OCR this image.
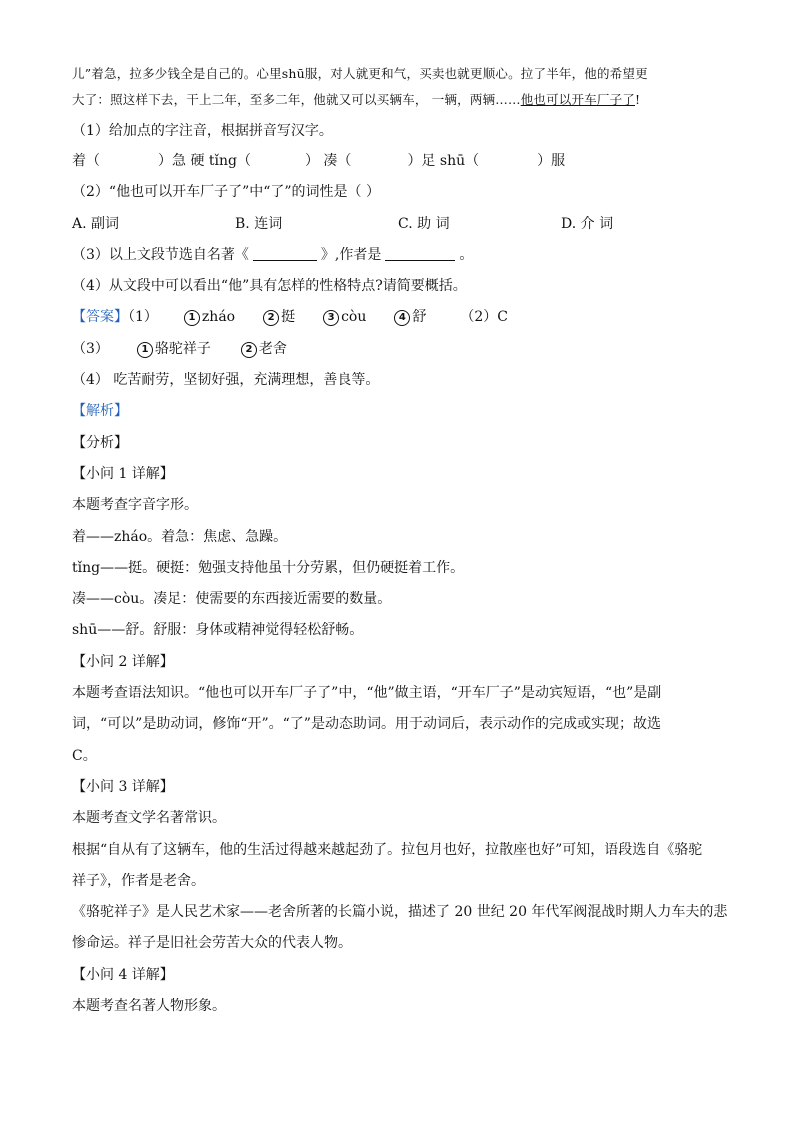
儿”着急，拉多少钱全是自己的。心里shū服，对人就更和气，买卖也就更顺心。拉了半年，他的希望更
大了：照这样下去，干上二年，至多二年，他就又可以买辆车， 一辆，两辆……他也可以开车厂子了!
（1）给加点的字注音，根据拼音写汉字。
着（	）急 硬 tǐng（	） 凑（	）足 shū（	）服
（2）“他也可以开车厂子了”中“了”的词性是（ ）
A. 副词	B. 连词	C. 助 词	D. 介 词
（3）以上文段节选自名著《	》,作者是	。
（4）从文段中可以看出“他”具有怎样的性格特点?请简要概括。
【答案】（1）	1 zháo	2 挺	3 còu	4 舒 （2）C
（3）	1 骆驼祥子	2 老舍
（4） 吃苦耐劳，坚韧好强，充满理想，善良等。
【解析】
【分析】
【小问 1 详解】
本题考查字音字形。
着——zháo。着急：焦虑、急躁。
tǐng——挺。硬挺：勉强支持他虽十分劳累，但仍硬挺着工作。
凑——còu。凑足：使需要的东西接近需要的数量。
shū——舒。舒服：身体或精神觉得轻松舒畅。
【小问 2 详解】
本题考查语法知识。“他也可以开车厂子了”中，“他”做主语，“开车厂子”是动宾短语，“也”是副
词，“可以”是助动词，修饰“开”。“了”是动态助词。用于动词后，表示动作的完成或实现；故选
C。
【小问 3 详解】
本题考查文学名著常识。
根据“自从有了这辆车，他的生活过得越来越起劲了。拉包月也好，拉散座也好”可知，语段选自《骆驼
祥子》，作者是老舍。
《骆驼祥子》是人民艺术家——老舍所著的长篇小说，描述了 20 世纪 20 年代军阀混战时期人力车夫的悲
惨命运。祥子是旧社会劳苦大众的代表人物。
【小问 4 详解】
本题考查名著人物形象。
